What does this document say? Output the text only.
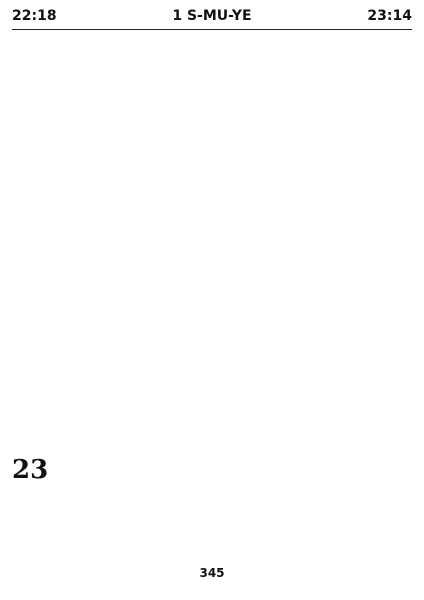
22:18	1 S-MU-YE	23:14
23
345
